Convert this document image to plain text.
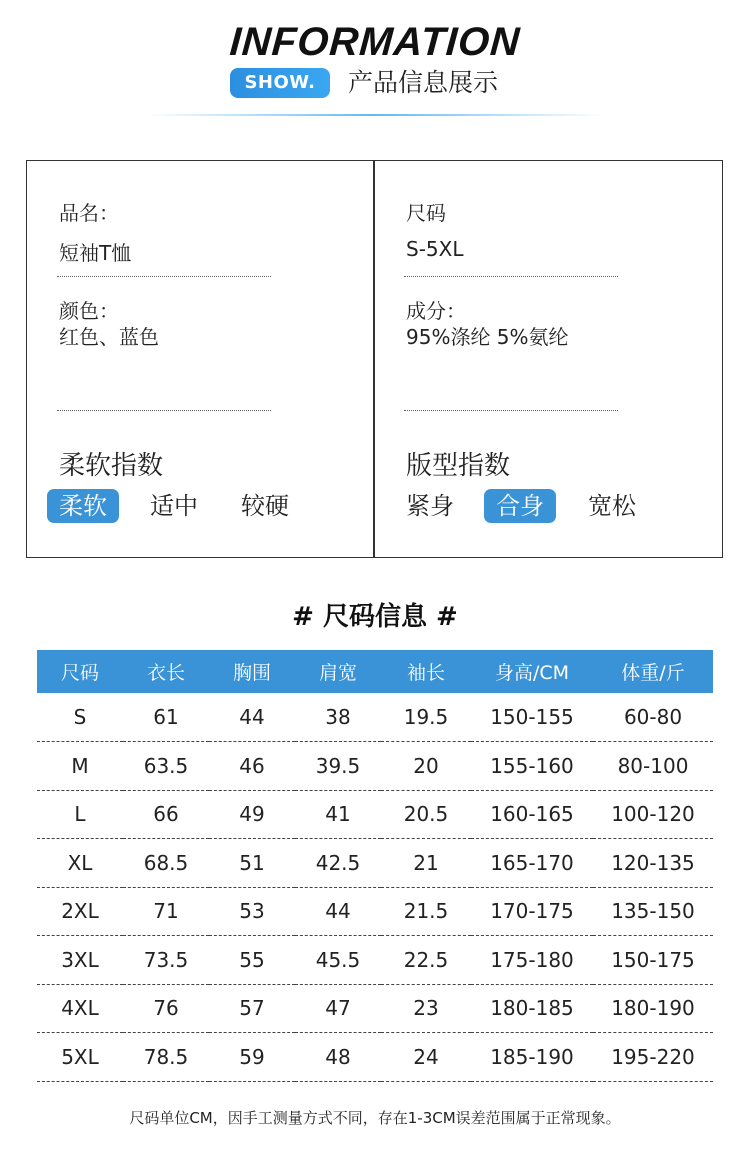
INFORMATION
SHOW.	产品信息展示
品名：
短袖T恤
颜色：
红色、蓝色
柔软指数
柔软	适中 较硬
尺码
S-5XL
成分：
95%涤纶 5%氨纶
版型指数
紧身	合身	宽松
# 尺码信息 #
尺码	衣长	胸围	肩宽	袖长	身高/CM	体重/斤
S	61	44	38	19.5	150-155	60-80
M	63.5	46	39.5	20	155-160	80-100
L	66	49	41	20.5	160-165	100-120
XL	68.5	51	42.5	21	165-170	120-135
2XL	71	53	44	21.5	170-175	135-150
3XL	73.5	55	45.5	22.5	175-180	150-175
4XL	76	57	47	23	180-185	180-190
5XL	78.5	59	48	24	185-190	195-220
尺码单位CM，因手工测量方式不同，存在1-3CM误差范围属于正常现象。
